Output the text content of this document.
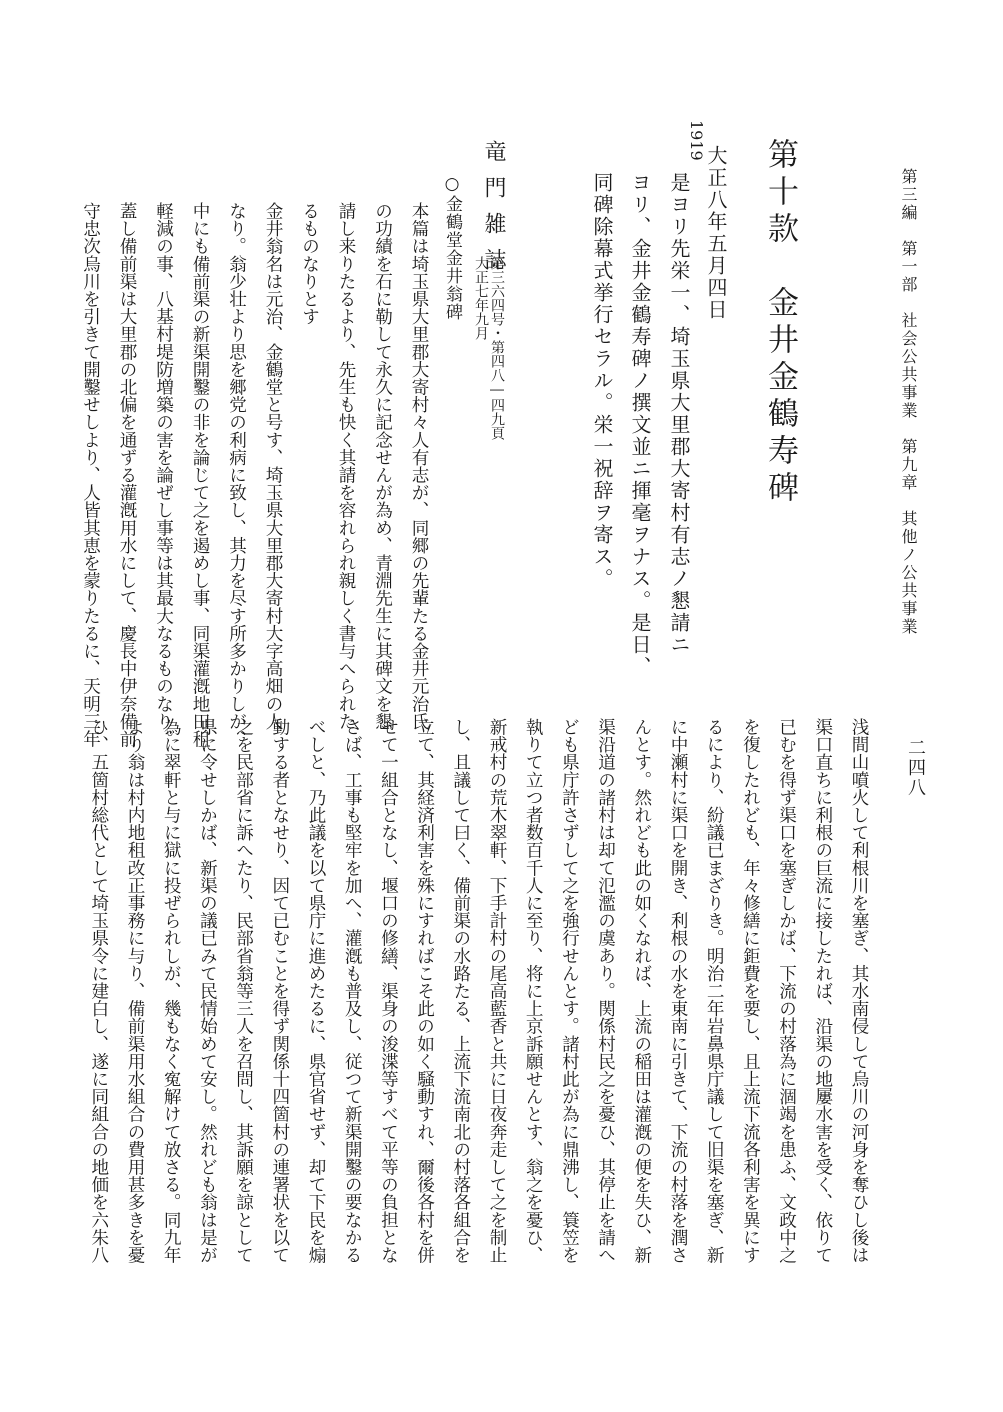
第三編　第一部　社会公共事業　第九章　其他ノ公共事業
二四八
第十款　金井金鶴寿碑
1919
大正八年五月四日
是ヨリ先栄一、埼玉県大里郡大寄村有志ノ懇請ニ
ヨリ、金井金鶴寿碑ノ撰文並ニ揮毫ヲナス。是日、
同碑除幕式挙行セラル。栄一祝辞ヲ寄ス。
竜門雑誌
第三六四号・第四八―四九頁
大正七年九月
○金鶴堂金井翁碑
本篇は埼玉県大里郡大寄村々人有志が、同郷の先輩たる金井元治氏
の功績を石に勒して永久に記念せんが為め、青淵先生に其碑文を懇
請し来りたるより、先生も快く其請を容れられ親しく書与へられた
るものなりとす
金井翁名は元治、金鶴堂と号す、埼玉県大里郡大寄村大字高畑の人
なり。翁少壮より思を郷党の利病に致し、其力を尽す所多かりしが、
中にも備前渠の新渠開鑿の非を論じて之を遏めし事、同渠灌漑地田租
軽減の事、八基村堤防増築の害を論ぜし事等は其最大なるものなり。
蓋し備前渠は大里郡の北偏を通ずる灌漑用水にして、慶長中伊奈備前
守忠次烏川を引きて開鑿せしより、人皆其恵を蒙りたるに、天明三年
浅間山噴火して利根川を塞ぎ、其水南侵して烏川の河身を奪ひし後は
渠口直ちに利根の巨流に接したれば、沿渠の地屢水害を受く、依りて
已むを得ず渠口を塞ぎしかば、下流の村落為に涸竭を患ふ、文政中之
を復したれども、年々修繕に鉅費を要し、且上流下流各利害を異にす
るにより、紛議已まざりき。明治二年岩鼻県庁議して旧渠を塞ぎ、新
に中瀬村に渠口を開き、利根の水を東南に引きて、下流の村落を潤さ
んとす。然れども此の如くなれば、上流の稲田は灌漑の便を失ひ、新
渠沿道の諸村は却て氾濫の虞あり。関係村民之を憂ひ、其停止を請へ
ども県庁許さずして之を強行せんとす。諸村此が為に鼎沸し、簑笠を
執りて立つ者数百千人に至り、将に上京訴願せんとす、翁之を憂ひ、
新戒村の荒木翠軒、下手計村の尾高藍香と共に日夜奔走して之を制止
し、且議して曰く、備前渠の水路たる、上流下流南北の村落各組合を
立て、其経済利害を殊にすればこそ此の如く騒動すれ、爾後各村を併
せて一組合となし、堰口の修繕、渠身の浚渫等すべて平等の負担とな
さば、工事も堅牢を加へ、灌漑も普及し、従つて新渠開鑿の要なかる
べしと、乃此議を以て県庁に進めたるに、県官省せず、却て下民を煽
動する者となせり、因て已むことを得ず関係十四箇村の連署状を以て
之を民部省に訴へたり、民部省翁等三人を召問し、其訴願を諒として
県に令せしかば、新渠の議已みて民情始めて安し。然れども翁は是が
為に翠軒と与に獄に投ぜられしが、幾もなく寃解けて放さる。同九年
より翁は村内地租改正事務に与り、備前渠用水組合の費用甚多きを憂
ひ、五箇村総代として埼玉県令に建白し、遂に同組合の地価を六朱八
